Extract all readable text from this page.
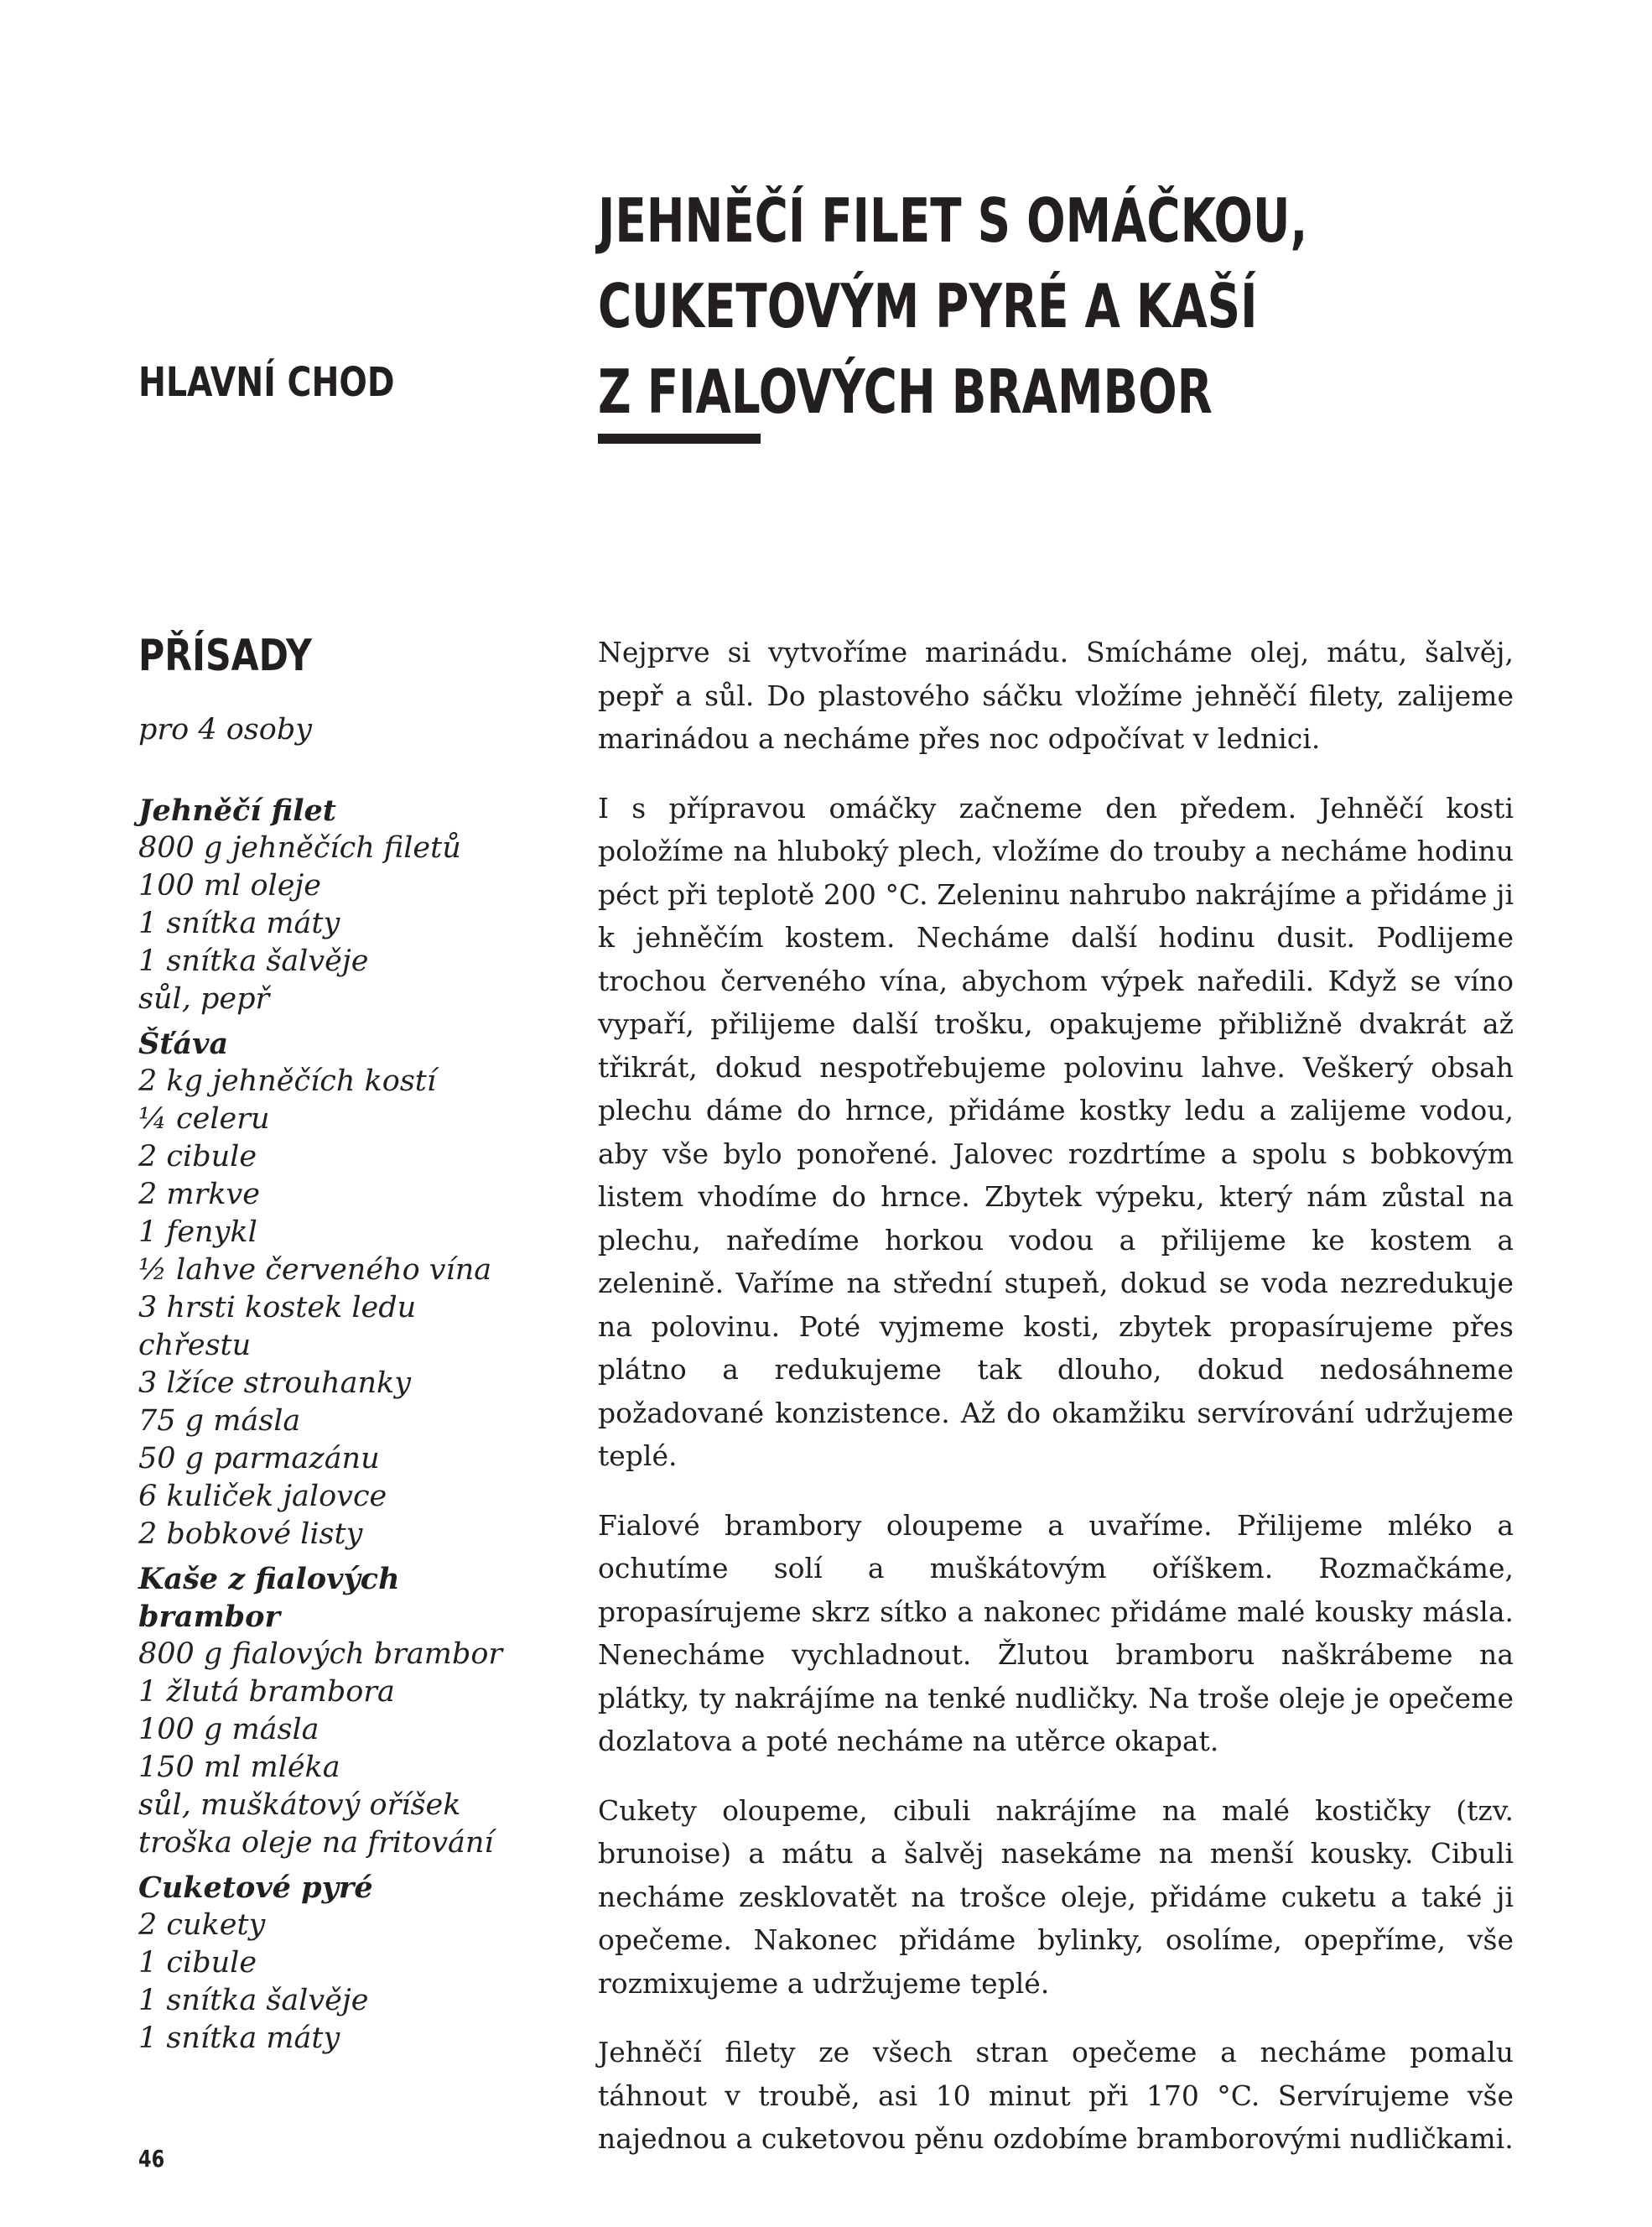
HLAVNÍ CHOD
JEHNĚČÍ FILET S OMÁČKOU,
CUKETOVÝM PYRÉ A KAŠÍ
Z FIALOVÝCH BRAMBOR
PŘÍSADY
pro 4 osoby
Jehněčí filet
800 g jehněčích filetů
100 ml oleje
1 snítka máty
1 snítka šalvěje
sůl, pepř
Šťáva
2 kg jehněčích kostí
¼ celeru
2 cibule
2 mrkve
1 fenykl
½ lahve červeného vína
3 hrsti kostek ledu
chřestu
3 lžíce strouhanky
75 g másla
50 g parmazánu
6 kuliček jalovce
2 bobkové listy
Kaše z fialových
brambor
800 g fialových brambor
1 žlutá brambora
100 g másla
150 ml mléka
sůl, muškátový oříšek
troška oleje na fritování
Cuketové pyré
2 cukety
1 cibule
1 snítka šalvěje
1 snítka máty

Nejprve si vytvoříme marinádu. Smícháme olej, mátu, šalvěj, pepř a sůl. Do plastového sáčku vložíme jehněčí filety, zalijeme marinádou a necháme přes noc odpočívat v lednici.

I s přípravou omáčky začneme den předem. Jehněčí kosti položíme na hluboký plech, vložíme do trouby a necháme hodinu péct při teplotě 200 °C. Zeleninu nahrubo nakrájíme a přidáme ji k jehněčím kostem. Necháme další hodinu dusit. Podlijeme trochou červeného vína, abychom výpek naředili. Když se víno vypaří, přilijeme další trošku, opakujeme přibližně dvakrát až třikrát, dokud nespotřebujeme polovinu lahve. Veškerý obsah plechu dáme do hrnce, přidáme kostky ledu a zalijeme vodou, aby vše bylo ponořené. Jalovec rozdrtíme a spolu s bobkovým listem vhodíme do hrnce. Zbytek výpeku, který nám zůstal na plechu, naředíme horkou vodou a přilijeme ke kostem a zelenině. Vaříme na střední stupeň, dokud se voda nezredukuje na polovinu. Poté vyjmeme kosti, zbytek propasírujeme přes plátno a redukujeme tak dlouho, dokud nedosáhneme požadované konzistence. Až do okamžiku servírování udržujeme teplé.

Fialové brambory oloupeme a uvaříme. Přilijeme mléko a ochutíme solí a muškátovým oříškem. Rozmačkáme, propasírujeme skrz sítko a nakonec přidáme malé kousky másla. Nenecháme vychladnout. Žlutou bramboru naškrábeme na plátky, ty nakrájíme na tenké nudličky. Na troše oleje je opečeme dozlatova a poté necháme na utěrce okapat.

Cukety oloupeme, cibuli nakrájíme na malé kostičky (tzv. brunoise) a mátu a šalvěj nasekáme na menší kousky. Cibuli necháme zesklovatět na trošce oleje, přidáme cuketu a také ji opečeme. Nakonec přidáme bylinky, osolíme, opepříme, vše rozmixujeme a udržujeme teplé.

Jehněčí filety ze všech stran opečeme a necháme pomalu táhnout v troubě, asi 10 minut při 170 °C. Servírujeme vše najednou a cuketovou pěnu ozdobíme bramborovými nudličkami.

46
